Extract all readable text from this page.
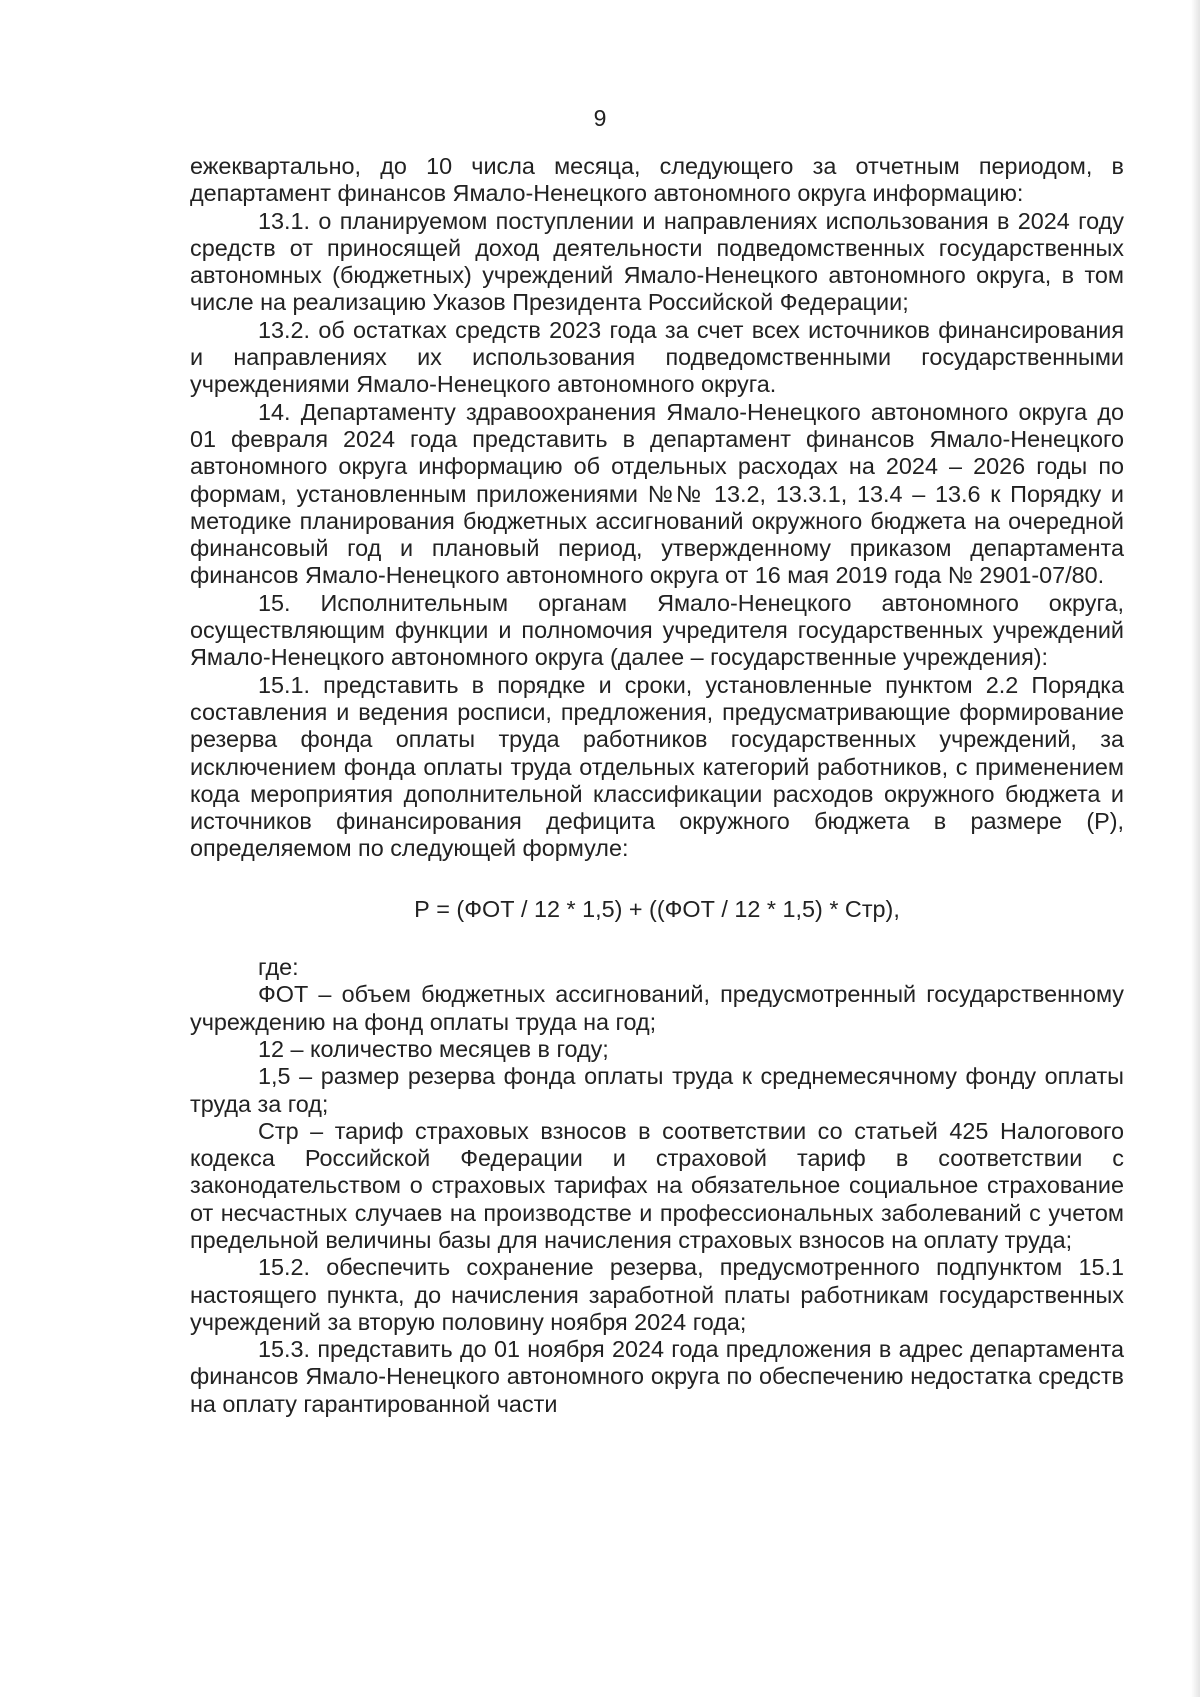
9

ежеквартально, до 10 числа месяца, следующего за отчетным периодом, в департамент финансов Ямало-Ненецкого автономного округа информацию:

13.1. о планируемом поступлении и направлениях использования в 2024 году средств от приносящей доход деятельности подведомственных государственных автономных (бюджетных) учреждений Ямало-Ненецкого автономного округа, в том числе на реализацию Указов Президента Российской Федерации;

13.2. об остатках средств 2023 года за счет всех источников финансирования и направлениях их использования подведомственными государственными учреждениями Ямало-Ненецкого автономного округа.

14. Департаменту здравоохранения Ямало-Ненецкого автономного округа до 01 февраля 2024 года представить в департамент финансов Ямало-Ненецкого автономного округа информацию об отдельных расходах на 2024 – 2026 годы по формам, установленным приложениями №№ 13.2, 13.3.1, 13.4 – 13.6 к Порядку и методике планирования бюджетных ассигнований окружного бюджета на очередной финансовый год и плановый период, утвержденному приказом департамента финансов Ямало-Ненецкого автономного округа от 16 мая 2019 года № 2901-07/80.

15. Исполнительным органам Ямало-Ненецкого автономного округа, осуществляющим функции и полномочия учредителя государственных учреждений Ямало-Ненецкого автономного округа (далее – государственные учреждения):

15.1. представить в порядке и сроки, установленные пунктом 2.2 Порядка составления и ведения росписи, предложения, предусматривающие формирование резерва фонда оплаты труда работников государственных учреждений, за исключением фонда оплаты труда отдельных категорий работников, с применением кода мероприятия дополнительной классификации расходов окружного бюджета и источников финансирования дефицита окружного бюджета в размере (Р), определяемом по следующей формуле:

Р = (ФОТ / 12 * 1,5) + ((ФОТ / 12 * 1,5) * Стр),

где:

ФОТ – объем бюджетных ассигнований, предусмотренный государственному учреждению на фонд оплаты труда на год;

12 – количество месяцев в году;

1,5 – размер резерва фонда оплаты труда к среднемесячному фонду оплаты труда за год;

Стр – тариф страховых взносов в соответствии со статьей 425 Налогового кодекса Российской Федерации и страховой тариф в соответствии с законодательством о страховых тарифах на обязательное социальное страхование от несчастных случаев на производстве и профессиональных заболеваний с учетом предельной величины базы для начисления страховых взносов на оплату труда;

15.2. обеспечить сохранение резерва, предусмотренного подпунктом 15.1 настоящего пункта, до начисления заработной платы работникам государственных учреждений за вторую половину ноября 2024 года;

15.3. представить до 01 ноября 2024 года предложения в адрес департамента финансов Ямало-Ненецкого автономного округа по обеспечению недостатка средств на оплату гарантированной части
